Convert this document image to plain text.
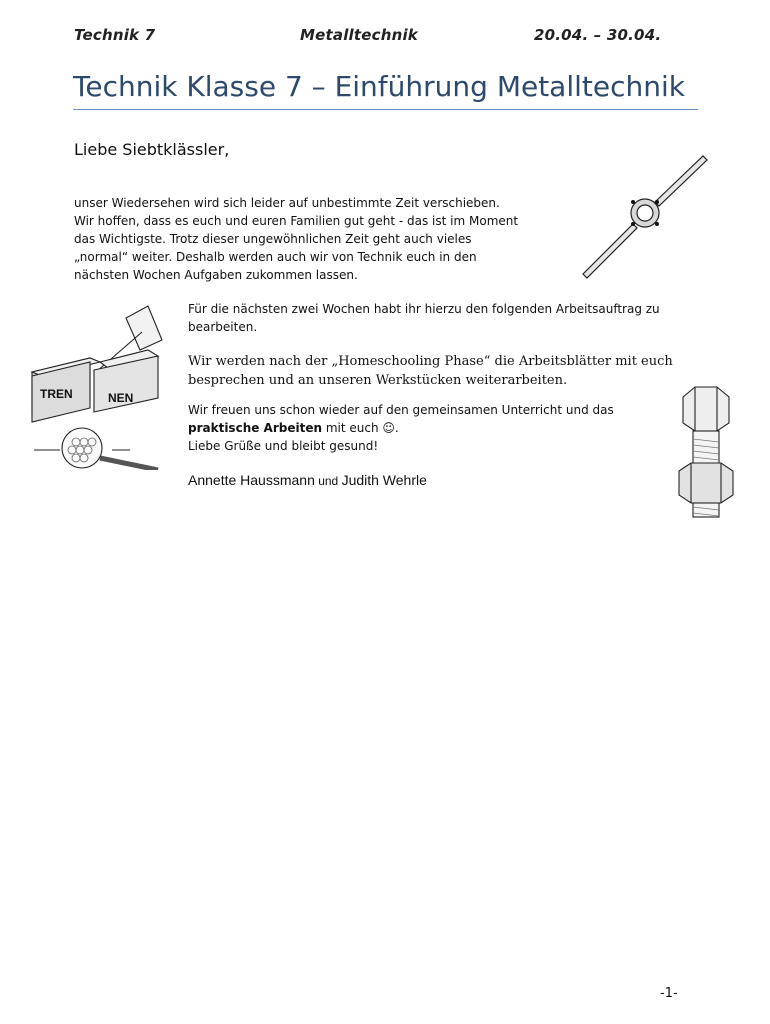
Technik 7	Metalltechnik	20.04. – 30.04.
Technik Klasse 7 – Einführung Metalltechnik
Liebe Siebtklässler,

unser Wiedersehen wird sich leider auf unbestimmte Zeit verschieben.

Wir hoffen, dass es euch und euren Familien gut geht - das ist im Moment

das Wichtigste. Trotz dieser ungewöhnlichen Zeit geht auch vieles

„normal“ weiter. Deshalb werden auch wir von Technik euch in den

nächsten Wochen Aufgaben zukommen lassen.

TREN	NEN
Für die nächsten zwei Wochen habt ihr hierzu den folgenden Arbeitsauftrag zu bearbeiten.
Wir werden nach der „Homeschooling Phase“ die Arbeitsblätter mit euch besprechen und an unseren Werkstücken weiterarbeiten.

Wir freuen uns schon wieder auf den gemeinsamen Unterricht und das

praktische Arbeiten mit euch ☺.

Liebe Grüße und bleibt gesund!

Annette Haussmann und Judith Wehrle
-1-
